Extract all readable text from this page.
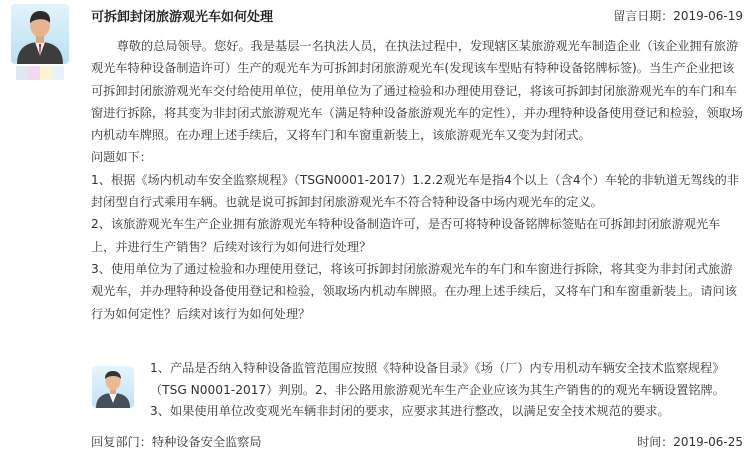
可拆卸封闭旅游观光车如何处理	留言日期：2019-06-19

尊敬的总局领导。您好。我是基层一名执法人员，在执法过程中，发现辖区某旅游观光车制造企业（该企业拥有旅游观光车特种设备制造许可）生产的观光车为可拆卸封闭旅游观光车(发现该车型贴有特种设备铭牌标签)。当生产企业把该可拆卸封闭旅游观光车交付给使用单位，使用单位为了通过检验和办理使用登记，将该可拆卸封闭旅游观光车的车门和车窗进行拆除，将其变为非封闭式旅游观光车（满足特种设备旅游观光车的定性），并办理特种设备使用登记和检验，领取场内机动车牌照。在办理上述手续后，又将车门和车窗重新装上，该旅游观光车又变为封闭式。

问题如下：

1、根据《场内机动车安全监察规程》（TSGN0001-2017）1.2.2观光车是指4个以上（含4个）车轮的非轨道无驾线的非封闭型自行式乘用车辆。也就是说可拆卸封闭旅游观光车不符合特种设备中场内观光车的定义。

2、该旅游观光车生产企业拥有旅游观光车特种设备制造许可，是否可将特种设备铭牌标签贴在可拆卸封闭旅游观光车上，并进行生产销售？后续对该行为如何进行处理？

3、使用单位为了通过检验和办理使用登记，将该可拆卸封闭旅游观光车的车门和车窗进行拆除，将其变为非封闭式旅游观光车，并办理特种设备使用登记和检验，领取场内机动车牌照。在办理上述手续后，又将车门和车窗重新装上。请问该行为如何定性？后续对该行为如何处理？

1、产品是否纳入特种设备监管范围应按照《特种设备目录》《场（厂）内专用机动车辆安全技术监察规程》（TSG N0001-2017）判别。2、非公路用旅游观光车生产企业应该为其生产销售的的观光车辆设置铭牌。3、如果使用单位改变观光车辆非封闭的要求，应要求其进行整改，以满足安全技术规范的要求。
回复部门：特种设备安全监察局	时间：2019-06-25
